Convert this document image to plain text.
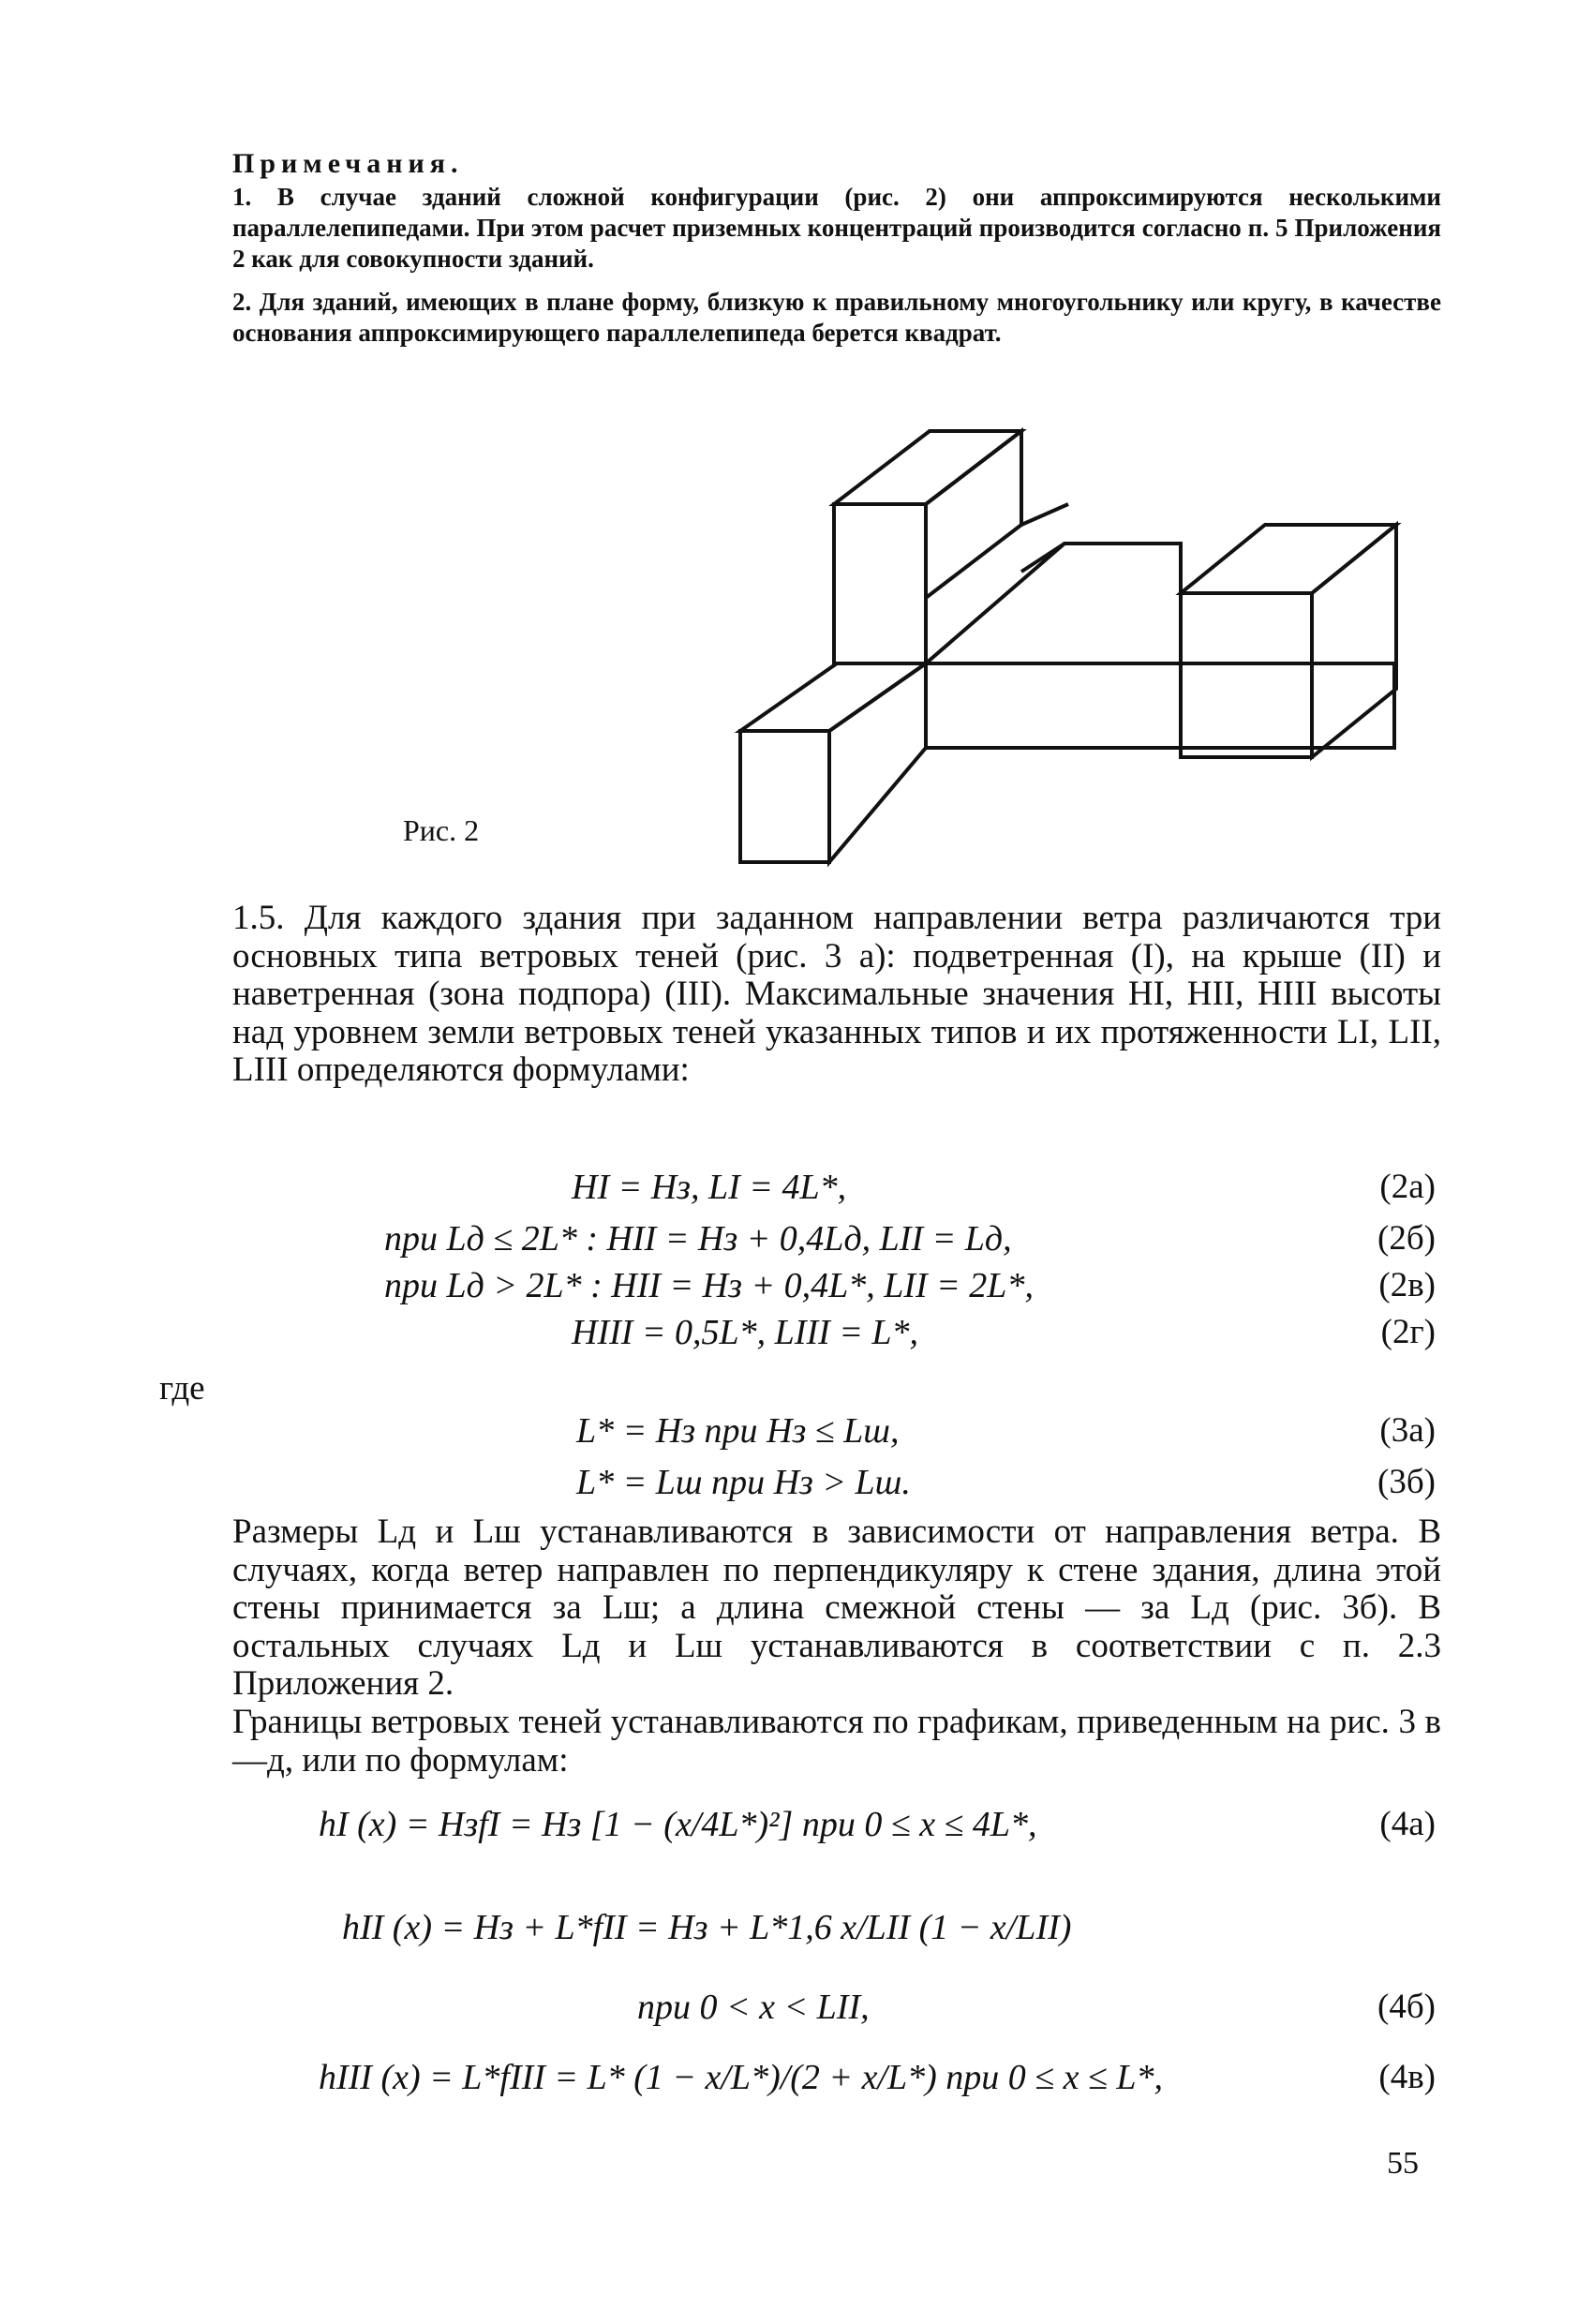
Примечания.
1. В случае зданий сложной конфигурации (рис. 2) они аппроксимируются несколькими параллелепипедами. При этом расчет приземных концентраций производится согласно п. 5 Приложения 2 как для совокупности зданий.
2. Для зданий, имеющих в плане форму, близкую к правильному многоугольнику или кругу, в качестве основания аппроксимирующего параллелепипеда берется квадрат.
Рис. 2
1.5. Для каждого здания при заданном направлении ветра различаются три основных типа ветровых теней (рис. 3 а): подветренная (I), на крыше (II) и наветренная (зона подпора) (III). Максимальные значения HI, HII, HIII высоты над уровнем земли ветровых теней указанных типов и их протяженности LI, LII, LIII определяются формулами:
HI = Hз, LI = 4L*,	(2а)
при Lд ≤ 2L* : HII = Hз + 0,4Lд, LII = Lд,	(2б)
при Lд > 2L* : HII = Hз + 0,4L*, LII = 2L*,	(2в)
HIII = 0,5L*, LIII = L*,	(2г)
где
L* = Hз при Hз ≤ Lш,	(3а)
L* = Lш при Hз > Lш.	(3б)
Размеры Lд и Lш устанавливаются в зависимости от направления ветра. В случаях, когда ветер направлен по перпендикуляру к стене здания, длина этой стены принимается за Lш; а длина смежной стены — за Lд (рис. 3б). В остальных случаях Lд и Lш устанавливаются в соответствии с п. 2.3 Приложения 2.
Границы ветровых теней устанавливаются по графикам, приведенным на рис. 3 в—д, или по формулам:
hI (x) = HзfI = Hз [1 − (x/4L*)²] при 0 ≤ x ≤ 4L*,	(4а)
hII (x) = Hз + L*fII = Hз + L*1,6 x/LII (1 − x/LII)
при 0 < x < LII,	(4б)
hIII (x) = L*fIII = L* (1 − x/L*)/(2 + x/L*) при 0 ≤ x ≤ L*,	(4в)
55
